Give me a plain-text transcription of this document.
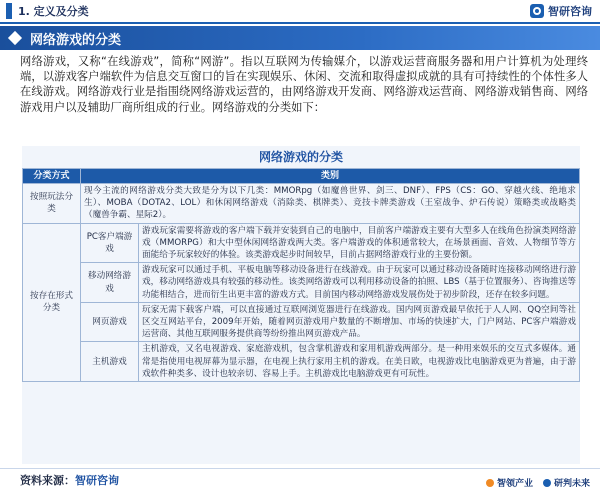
1. 定义及分类	智研咨询
网络游戏的分类
网络游戏，又称“在线游戏”，简称“网游”。指以互联网为传输媒介，以游戏运营商服务器和用户计算机为处理终端，以游戏客户端软件为信息交互窗口的旨在实现娱乐、休闲、交流和取得虚拟成就的具有可持续性的个体性多人在线游戏。网络游戏行业是指围绕网络游戏运营的，由网络游戏开发商、网络游戏运营商、网络游戏销售商、网络游戏用户以及辅助厂商所组成的行业。网络游戏的分类如下：
网络游戏的分类
分类方式	类别	
按照玩法分类	现今主流的网络游戏分类大致是分为以下几类：MMORpg（如魔兽世界、剑三、DNF）、FPS（CS：GO、穿越火线、绝地求生）、MOBA（DOTA2、LOL）和休闲网络游戏（消除类、棋牌类）、竞技卡牌类游戏（王室战争、炉石传说）策略类或战略类（魔兽争霸、星际2）。	
按存在形式分类	PC客户端游戏	游戏玩家需要将游戏的客户端下载并安装到自己的电脑中，目前客户端游戏主要有大型多人在线角色扮演类网络游戏（MMORPG）和大中型休闲网络游戏两大类。客户端游戏的体积通常较大，在场景画面、音效、人物细节等方面能给予玩家较好的体验。该类游戏起步时间较早，目前占据网络游戏行业的主要份额。
	移动网络游戏	游戏玩家可以通过手机、平板电脑等移动设备进行在线游戏。由于玩家可以通过移动设备随时连接移动网络进行游戏，移动网络游戏具有较强的移动性。该类网络游戏可以利用移动设备的拍照、LBS（基于位置服务）、咨询推送等功能相结合，进而衍生出更丰富的游戏方式。目前国内移动网络游戏发展伤处于初步阶段，还存在较多问题。
	网页游戏	玩家无需下载客户端，可以直接通过互联网浏览器进行在线游戏。国内网页游戏最早依托于人人网、QQ空间等社区交互网站平台，2009年开始，随着网页游戏用户数量的不断增加、市场的快速扩大，门户网站、PC客户端游戏运营商、其他互联网服务提供商等纷纷推出网页游戏产品。
	主机游戏	主机游戏，又名电视游戏、家庭游戏机，包含掌机游戏和家用机游戏两部分。是一种用来娱乐的交互式多媒体。通常是指使用电视屏幕为显示器，在电视上执行家用主机的游戏。在美日欧，电视游戏比电脑游戏更为普遍，由于游戏软件种类多、设计也较亲切、容易上手。主机游戏比电脑游戏更有可玩性。
资料来源：智研咨询	智领产业 研判未来
